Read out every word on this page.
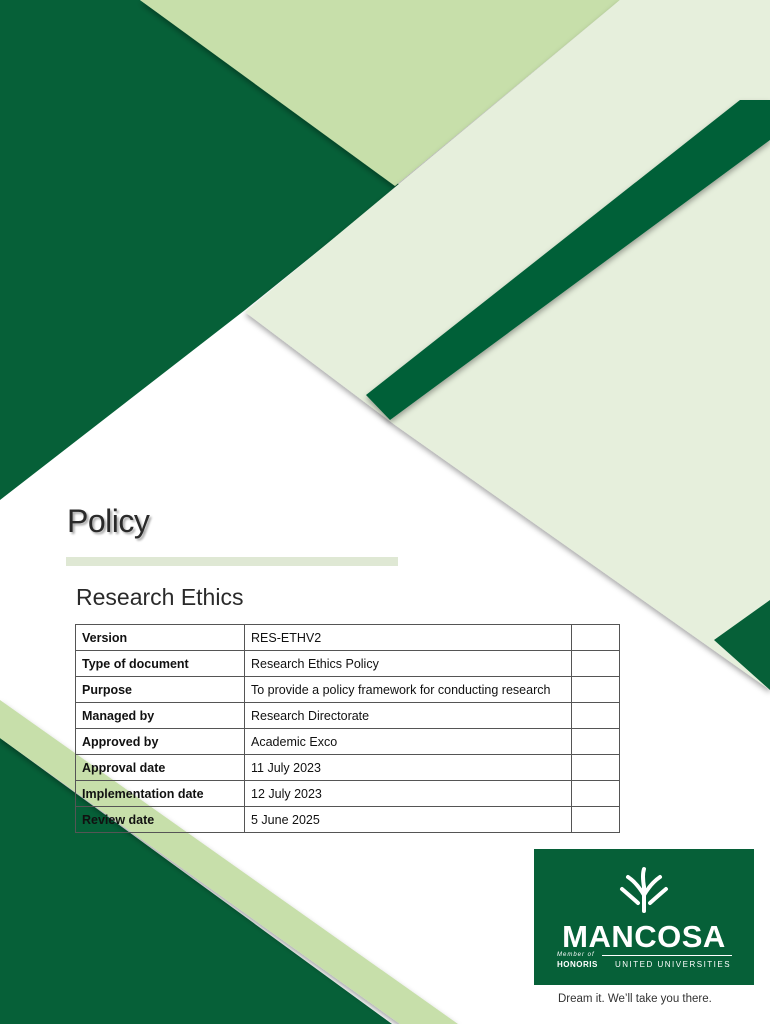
Policy
Research Ethics
Version	RES-ETHV2	
Type of document	Research Ethics Policy	
Purpose	To provide a policy framework for conducting research	
Managed by	Research Directorate	
Approved by	Academic Exco	
Approval date	11 July 2023	
Implementation date	12 July 2023	
Review date	5 June 2025	
MANCOSA
Member of
HONORIS UNITED UNIVERSITIES
Dream it. We’ll take you there.
